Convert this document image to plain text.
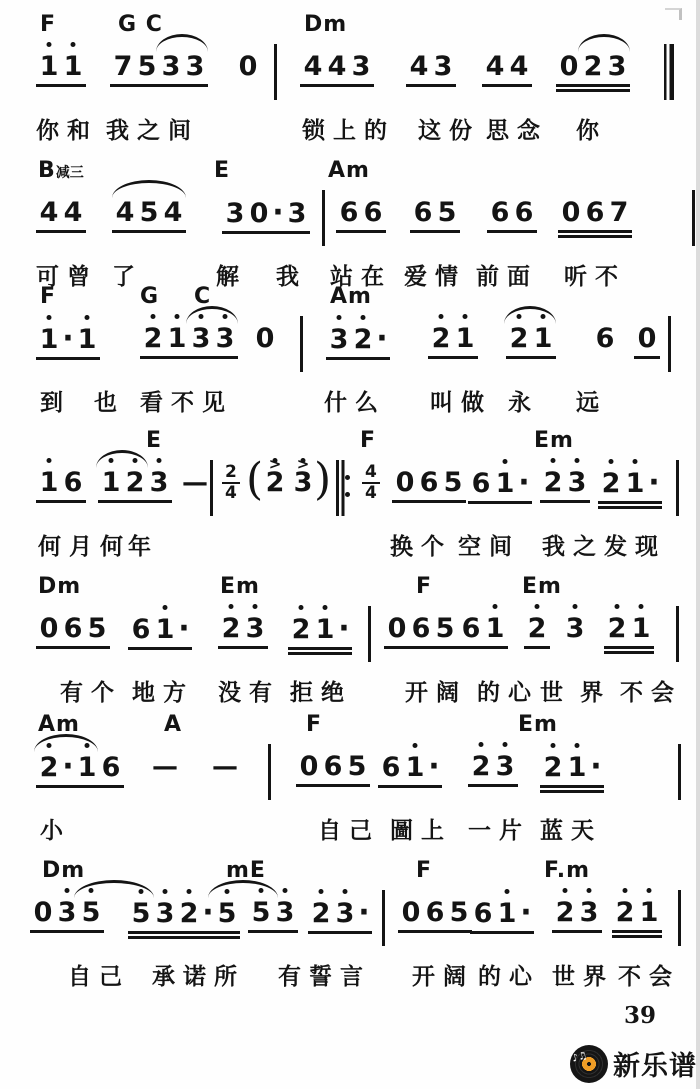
F	G C	Dm
1 1 7 5 3 3 0 4 4 3 4 3 4 4 0 2 3
你和 我之间	锁上的 这份 思念 你
B减三	E	Am
4 4 4 5 4 3 0 · 3 6 6 6 5 6 6 0 6 7
可曾 了	解 我 站在 爱情 前面 听不
F	G C	Am
1 · 1 2 1 3 3 0 3 2 · 2 1 2 1 6 0
到 也 看不见	什么 叫做 永 远
E	F	Em
1 6 1 2 3 — $\frac{2}{4}$ ( 2 > 3 > ) $\frac{4}{4} 0$ 6 5 6 1 · 2 3 2 1 ·
何月何
年	换个 空间 我之 发现
Dm	Em	F	Em
0 6 5 6 1 · 2 3 2 1 · 0 6 5 6 1 2 3 2 1
有个 地方 没有 拒绝 开阔 的心 世 界 不会
Am	A	F	Em
2 · 1 6 — — 0 6 5 6 1 · 2 3 2 1 ·
小	自己 圖上 一片 蓝天
Dm	mE	F	F.m
0 3 5 5 3 2 · 5 5 3 2 3 · 0 6 5 6 1 · 2 3 2 1
自己 承诺所 有誓言 开阔 的心 世界 不会
39
♪♫ 新乐谱
